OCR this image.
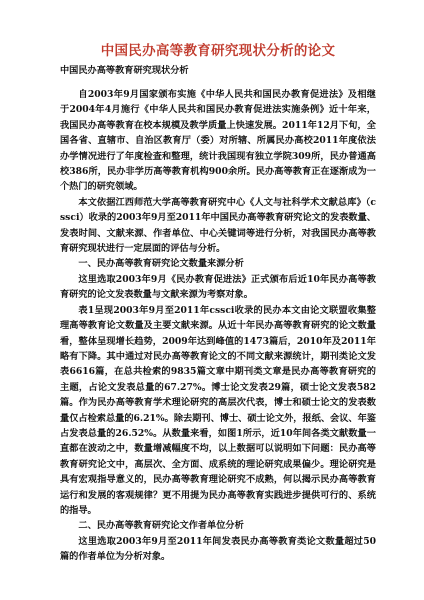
中国民办高等教育研究现状分析的论文
中国民办高等教育研究现状分析

自2003年9月国家颁布实施《中华人民共和国民办教育促进法》及相继于2004年4月施行《中华人民共和国民办教育促进法实施条例》近十年来，我国民办高等教育在校本规模及教学质量上快速发展。2011年12月下旬，全国各省、直辖市、自治区教育厅（委）对所辖、所属民办高校2011年度依法办学情况进行了年度检查和整理，统计我国现有独立学院309所，民办普通高校386所，民办非学历高等教育机构900余所。民办高等教育正在逐渐成为一个热门的研究领域。

本文依据江西师范大学高等教育研究中心《人文与社科学术文献总库》（cssci）收录的2003年9月至2011年中国民办高等教育研究论文的发表数量、发表时间、文献来源、作者单位、中心关键词等进行分析，对我国民办高等教育研究现状进行一定层面的评估与分析。

一、民办高等教育研究论文数量来源分析

这里选取2003年9月《民办教育促进法》正式颁布后近10年民办高等教育研究的论文发表数量与文献来源为考察对象。

表1呈现2003年9月至2011年cssci收录的民办本文由论文联盟收集整理高等教育论文数量及主要文献来源。从近十年民办高等教育研究的论文数量看，整体呈现增长趋势，2009年达到峰值的1473篇后，2010年及2011年略有下降。其中通过对民办高等教育论文的不同文献来源统计，期刊类论文发表6616篇，在总共检索的9835篇文章中期刊类文章是民办高等教育研究的主题，占论文发表总量的67.27%。博士论文发表29篇，硕士论文发表582篇。作为民办高等教育学术理论研究的高层次代表，博士和硕士论文的发表数量仅占检索总量的6.21%。除去期刊、博士、硕士论文外，报纸、会议、年鉴占发表总量的26.52%。从数量来看，如图1所示，近10年间各类文献数量一直都在波动之中，数量增减幅度不均，以上数据可以说明如下问题：民办高等教育研究论文中，高层次、全方面、成系统的理论研究成果偏少。理论研究是具有宏观指导意义的，民办高等教育理论研究不成熟，何以揭示民办高等教育运行和发展的客观规律？更不用提为民办高等教育实践进步提供可行的、系统的指导。

二、民办高等教育研究论文作者单位分析

这里选取2003年9月至2011年间发表民办高等教育类论文数量超过50篇的作者单位为分析对象。
